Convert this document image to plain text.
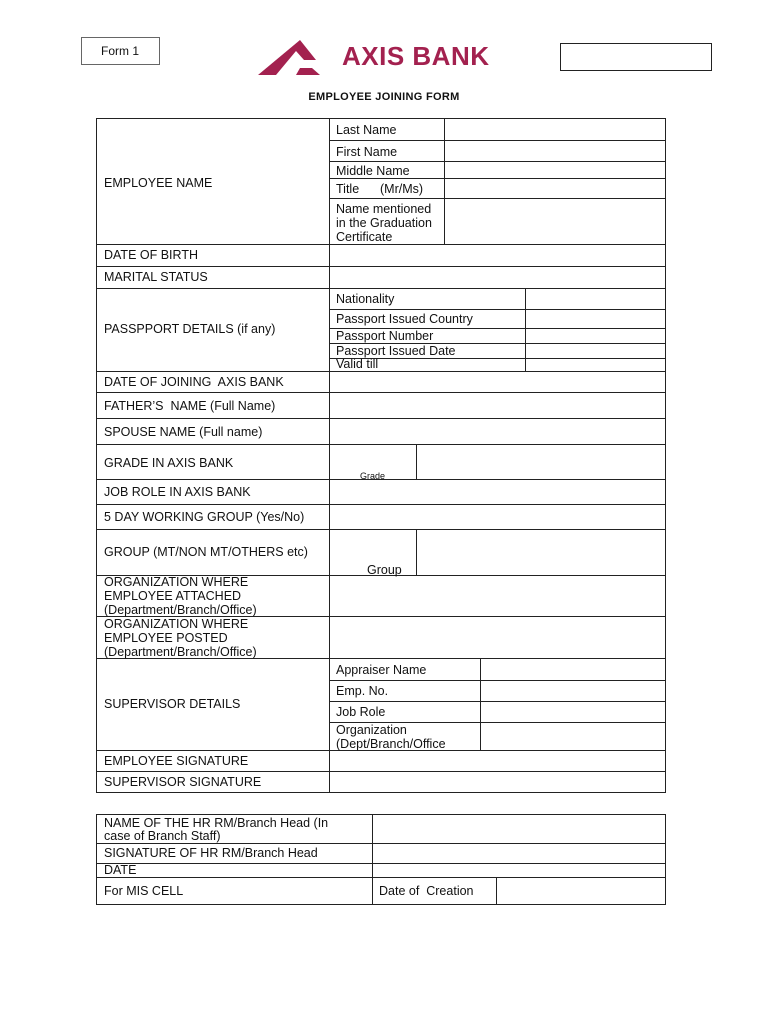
Form 1	AXIS BANK
EMPLOYEE JOINING FORM
EMPLOYEE NAME
Last Name
First Name
Middle Name
Title      (Mr/Ms)
Name mentioned
in the Graduation
Certificate
DATE OF BIRTH
MARITAL STATUS
PASSPPORT DETAILS (if any)
Nationality
Passport Issued Country
Passport Number
Passport Issued Date
Valid till
DATE OF JOINING  AXIS BANK
FATHER’S  NAME (Full Name)
SPOUSE NAME (Full name)
GRADE IN AXIS BANK
Grade
JOB ROLE IN AXIS BANK
5 DAY WORKING GROUP (Yes/No)
GROUP (MT/NON MT/OTHERS etc)
Group
ORGANIZATION WHERE
EMPLOYEE ATTACHED
(Department/Branch/Office)
ORGANIZATION WHERE
EMPLOYEE POSTED
(Department/Branch/Office)
SUPERVISOR DETAILS
Appraiser Name
Emp. No.
Job Role
Organization
(Dept/Branch/Office
EMPLOYEE SIGNATURE
SUPERVISOR SIGNATURE
NAME OF THE HR RM/Branch Head (In
case of Branch Staff)
SIGNATURE OF HR RM/Branch Head
DATE
For MIS CELL	Date of  Creation
